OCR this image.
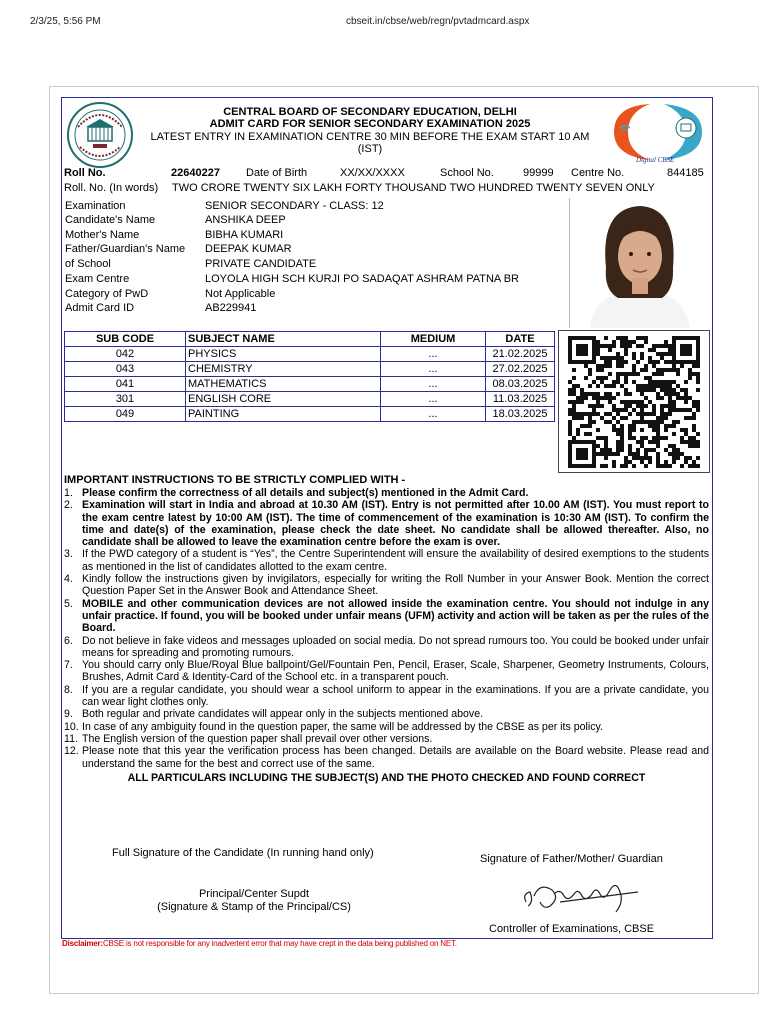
2/3/25, 5:56 PM	cbseit.in/cbse/web/regn/pvtadmcard.aspx
Digital CBSE
CENTRAL BOARD OF SECONDARY EDUCATION, DELHI
ADMIT CARD FOR SENIOR SECONDARY EXAMINATION 2025
LATEST ENTRY IN EXAMINATION CENTRE 30 MIN BEFORE THE EXAM START 10 AM
(IST)
Roll No.	22640227 Date of Birth	XX/XX/XXXX	School No.	99999 Centre No.	844185
Roll. No. (In words) TWO CRORE TWENTY SIX LAKH FORTY THOUSAND TWO HUNDRED TWENTY SEVEN ONLY
Examination	SENIOR SECONDARY - CLASS: 12
Candidate's Name	ANSHIKA DEEP
Mother's Name	BIBHA KUMARI
Father/Guardian's Name DEEPAK KUMAR
of School	PRIVATE CANDIDATE
Exam Centre	LOYOLA HIGH SCH KURJI PO SADAQAT ASHRAM PATNA BR
Category of PwD	Not Applicable
Admit Card ID	AB229941
SUB CODE	SUBJECT NAME	MEDIUM	DATE
042	PHYSICS	...	21.02.2025
043	CHEMISTRY	...	27.02.2025
041	MATHEMATICS	...	08.03.2025
301	ENGLISH CORE	...	11.03.2025
049	PAINTING	...	18.03.2025
IMPORTANT INSTRUCTIONS TO BE STRICTLY COMPLIED WITH -
1. Please confirm the correctness of all details and subject(s) mentioned in the Admit Card.
2. Examination will start in India and abroad at 10.30 AM (IST). Entry is not permitted after 10.00 AM (IST). You must report to the exam centre latest by 10:00 AM (IST). The time of commencement of the examination is 10:30 AM (IST). To confirm the time and date(s) of the examination, please check the date sheet. No candidate shall be allowed thereafter. Also, no candidate shall be allowed to leave the examination centre before the exam is over.
3. If the PWD category of a student is “Yes”, the Centre Superintendent will ensure the availability of desired exemptions to the students as mentioned in the list of candidates allotted to the exam centre.
4. Kindly follow the instructions given by invigilators, especially for writing the Roll Number in your Answer Book. Mention the correct Question Paper Set in the Answer Book and Attendance Sheet.
5. MOBILE and other communication devices are not allowed inside the examination centre. You should not indulge in any unfair practice. If found, you will be booked under unfair means (UFM) activity and action will be taken as per the rules of the Board.
6. Do not believe in fake videos and messages uploaded on social media. Do not spread rumours too. You could be booked under unfair means for spreading and promoting rumours.
7. You should carry only Blue/Royal Blue ballpoint/Gel/Fountain Pen, Pencil, Eraser, Scale, Sharpener, Geometry Instruments, Colours, Brushes, Admit Card & Identity-Card of the School etc. in a transparent pouch.
8. If you are a regular candidate, you should wear a school uniform to appear in the examinations. If you are a private candidate, you can wear light clothes only.
9. Both regular and private candidates will appear only in the subjects mentioned above.
10. In case of any ambiguity found in the question paper, the same will be addressed by the CBSE as per its policy.
11. The English version of the question paper shall prevail over other versions.
12. Please note that this year the verification process has been changed. Details are available on the Board website. Please read and understand the same for the best and correct use of the same.
ALL PARTICULARS INCLUDING THE SUBJECT(S) AND THE PHOTO CHECKED AND FOUND CORRECT
Full Signature of the Candidate (In running hand only)	Signature of Father/Mother/ Guardian
Principal/Center Supdt
(Signature & Stamp of the Principal/CS)
Controller of Examinations, CBSE
Disclaimer:CBSE is not responsible for any inadvertent error that may have crept in the data being published on NET.
